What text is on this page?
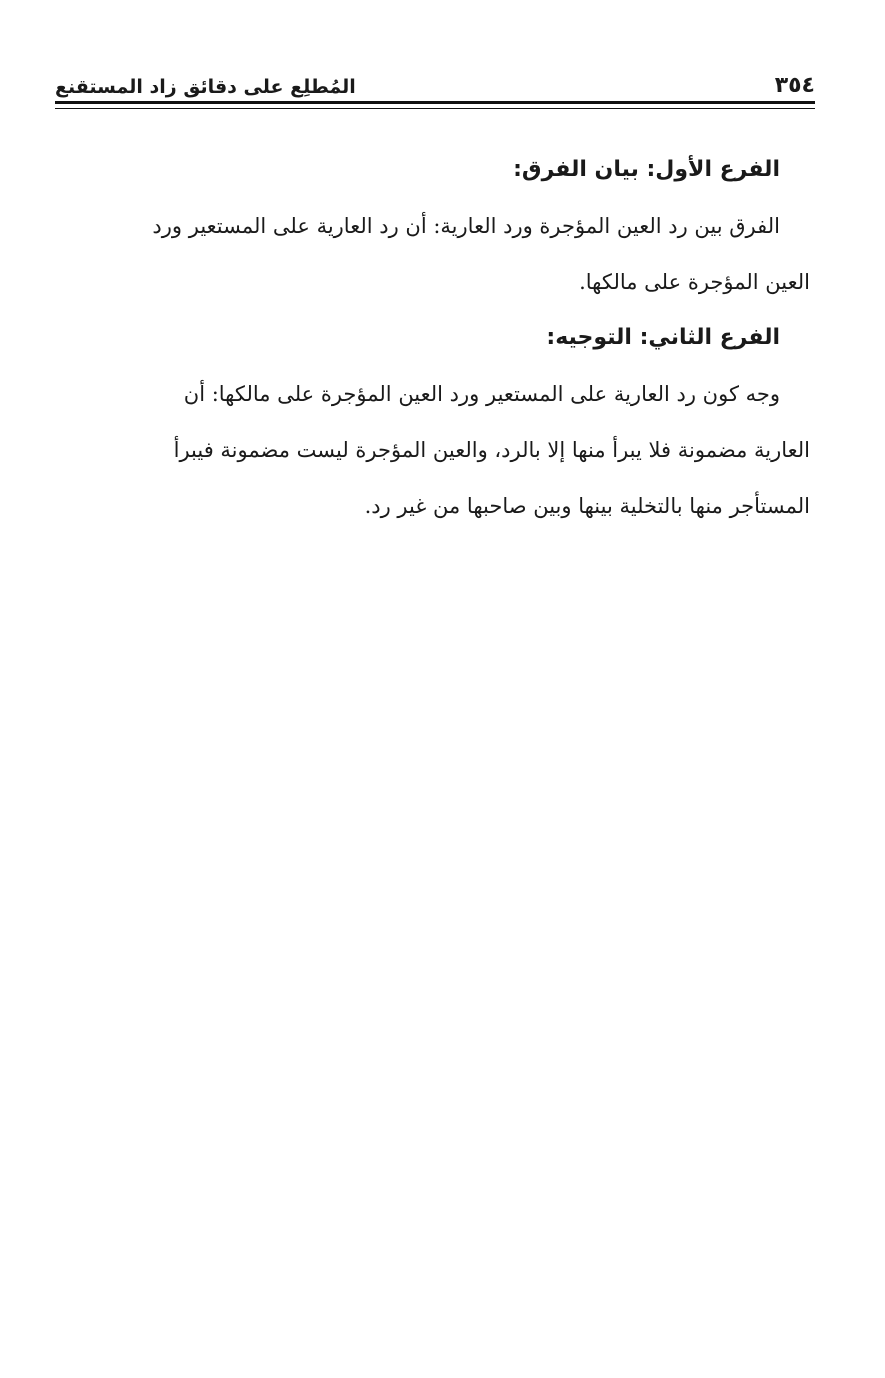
٣٥٤
المُطلِع على دقائق زاد المستقنع
الفرع الأول: بيان الفرق:
الفرق بين رد العين المؤجرة ورد العارية: أن رد العارية على المستعير ورد
العين المؤجرة على مالكها.
الفرع الثاني: التوجيه:
وجه كون رد العارية على المستعير ورد العين المؤجرة على مالكها: أن
العارية مضمونة فلا يبرأ منها إلا بالرد، والعين المؤجرة ليست مضمونة فيبرأ
المستأجر منها بالتخلية بينها وبين صاحبها من غير رد.
